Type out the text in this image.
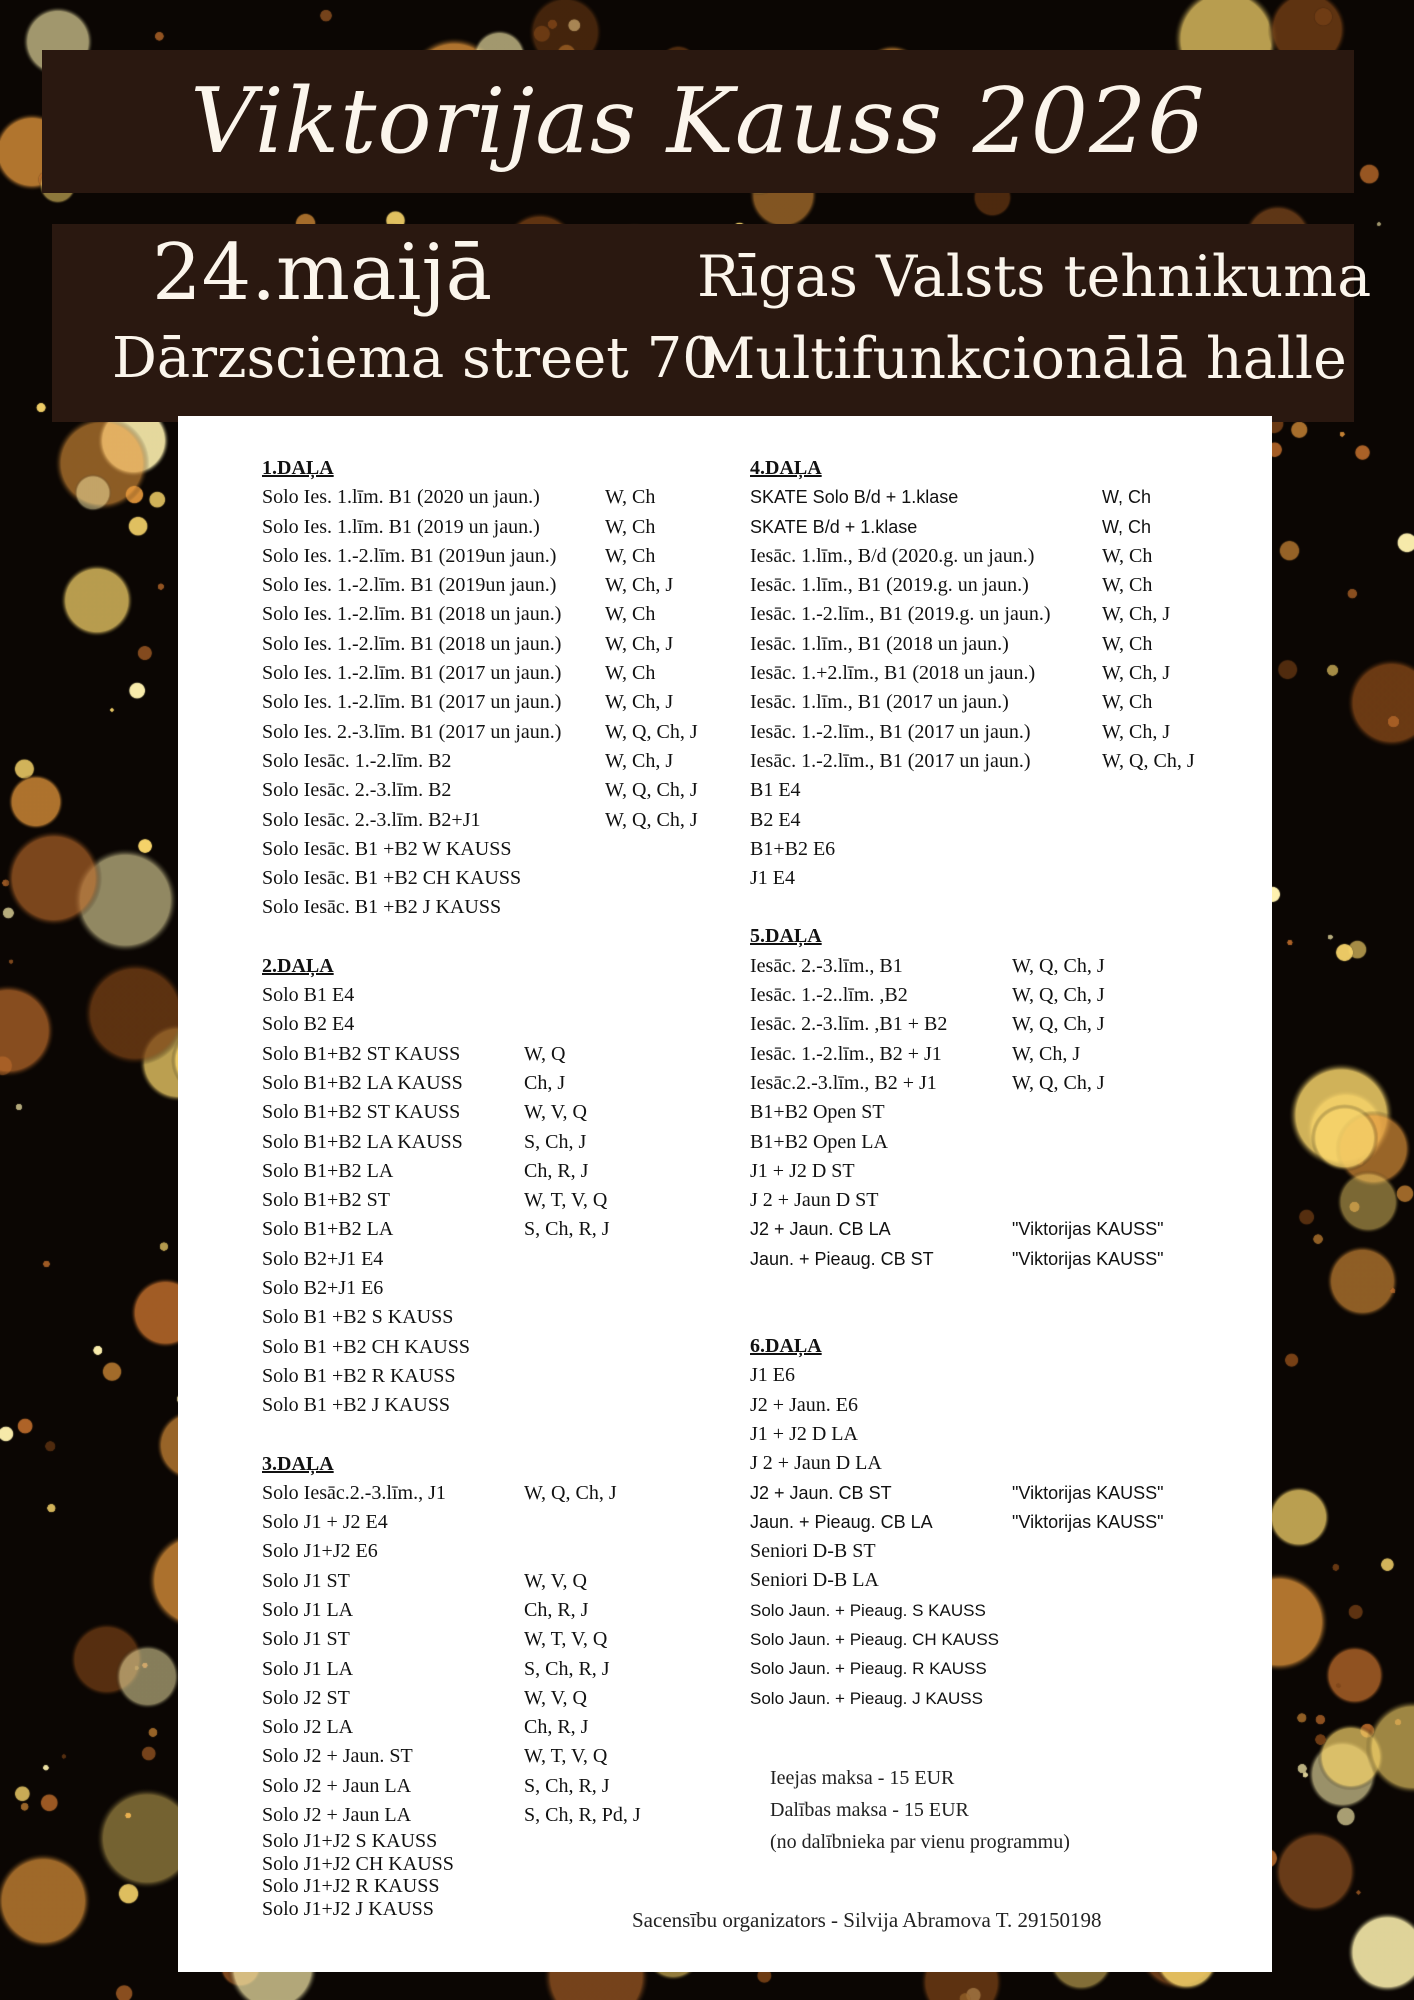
Viktorijas Kauss 2026
24.maijā
Dārzsciema street 70
Rīgas Valsts tehnikuma
Multifunkcionālā halle
1.DAĻA
Solo Ies. 1.līm. B1 (2020 un jaun.)	W, Ch
Solo Ies. 1.līm. B1 (2019 un jaun.)	W, Ch
Solo Ies. 1.-2.līm. B1 (2019un jaun.) W, Ch
Solo Ies. 1.-2.līm. B1 (2019un jaun.) W, Ch, J
Solo Ies. 1.-2.līm. B1 (2018 un jaun.) W, Ch
Solo Ies. 1.-2.līm. B1 (2018 un jaun.) W, Ch, J
Solo Ies. 1.-2.līm. B1 (2017 un jaun.) W, Ch
Solo Ies. 1.-2.līm. B1 (2017 un jaun.) W, Ch, J
Solo Ies. 2.-3.līm. B1 (2017 un jaun.) W, Q, Ch, J
Solo Iesāc. 1.-2.līm. B2	W, Ch, J
Solo Iesāc. 2.-3.līm. B2	W, Q, Ch, J
Solo Iesāc. 2.-3.līm. B2+J1	W, Q, Ch, J
Solo Iesāc. B1 +B2 W KAUSS
Solo Iesāc. B1 +B2 CH KAUSS
Solo Iesāc. B1 +B2 J KAUSS
2.DAĻA
Solo B1 E4
Solo B2 E4
Solo B1+B2 ST KAUSS	W, Q
Solo B1+B2 LA KAUSS	Ch, J
Solo B1+B2 ST KAUSS	W, V, Q
Solo B1+B2 LA KAUSS	S, Ch, J
Solo B1+B2 LA	Ch, R, J
Solo B1+B2 ST	W, T, V, Q
Solo B1+B2 LA	S, Ch, R, J
Solo B2+J1 E4
Solo B2+J1 E6
Solo B1 +B2 S KAUSS
Solo B1 +B2 CH KAUSS
Solo B1 +B2 R KAUSS
Solo B1 +B2 J KAUSS
3.DAĻA
Solo Iesāc.2.-3.līm., J1	W, Q, Ch, J
Solo J1 + J2 E4
Solo J1+J2 E6
Solo J1 ST	W, V, Q
Solo J1 LA	Ch, R, J
Solo J1 ST	W, T, V, Q
Solo J1 LA	S, Ch, R, J
Solo J2 ST	W, V, Q
Solo J2 LA	Ch, R, J
Solo J2 + Jaun. ST	W, T, V, Q
Solo J2 + Jaun LA	S, Ch, R, J
Solo J2 + Jaun LA	S, Ch, R, Pd, J
Solo J1+J2 S KAUSS
Solo J1+J2 CH KAUSS
Solo J1+J2 R KAUSS
Solo J1+J2 J KAUSS
4.DAĻA
SKATE Solo B/d + 1.klase	W, Ch
SKATE B/d + 1.klase	W, Ch
Iesāc. 1.līm., B/d (2020.g. un jaun.)	W, Ch
Iesāc. 1.līm., B1 (2019.g. un jaun.)	W, Ch
Iesāc. 1.-2.līm., B1 (2019.g. un jaun.)	W, Ch, J
Iesāc. 1.līm., B1 (2018 un jaun.)	W, Ch
Iesāc. 1.+2.līm., B1 (2018 un jaun.)	W, Ch, J
Iesāc. 1.līm., B1 (2017 un jaun.)	W, Ch
Iesāc. 1.-2.līm., B1 (2017 un jaun.)	W, Ch, J
Iesāc. 1.-2.līm., B1 (2017 un jaun.)	W, Q, Ch, J
B1 E4
B2 E4
B1+B2 E6
J1 E4
5.DAĻA
Iesāc. 2.-3.līm., B1	W, Q, Ch, J
Iesāc. 1.-2..līm. ,B2	W, Q, Ch, J
Iesāc. 2.-3.līm. ,B1 + B2	W, Q, Ch, J
Iesāc. 1.-2.līm., B2 + J1	W, Ch, J
Iesāc.2.-3.līm., B2 + J1	W, Q, Ch, J
B1+B2 Open ST
B1+B2 Open LA
J1 + J2 D ST
J 2 + Jaun D ST
J2 + Jaun. CB LA	"Viktorijas KAUSS"
Jaun. + Pieaug. CB ST	"Viktorijas KAUSS"
6.DAĻA
J1 E6
J2 + Jaun. E6
J1 + J2 D LA
J 2 + Jaun D LA
J2 + Jaun. CB ST	"Viktorijas KAUSS"
Jaun. + Pieaug. CB LA	"Viktorijas KAUSS"
Seniori D-B ST
Seniori D-B LA
Solo Jaun. + Pieaug. S KAUSS
Solo Jaun. + Pieaug. CH KAUSS
Solo Jaun. + Pieaug. R KAUSS
Solo Jaun. + Pieaug. J KAUSS
Ieejas maksa - 15 EUR
Dalības maksa - 15 EUR
(no dalībnieka par vienu programmu)
Sacensību organizators - Silvija Abramova T. 29150198
